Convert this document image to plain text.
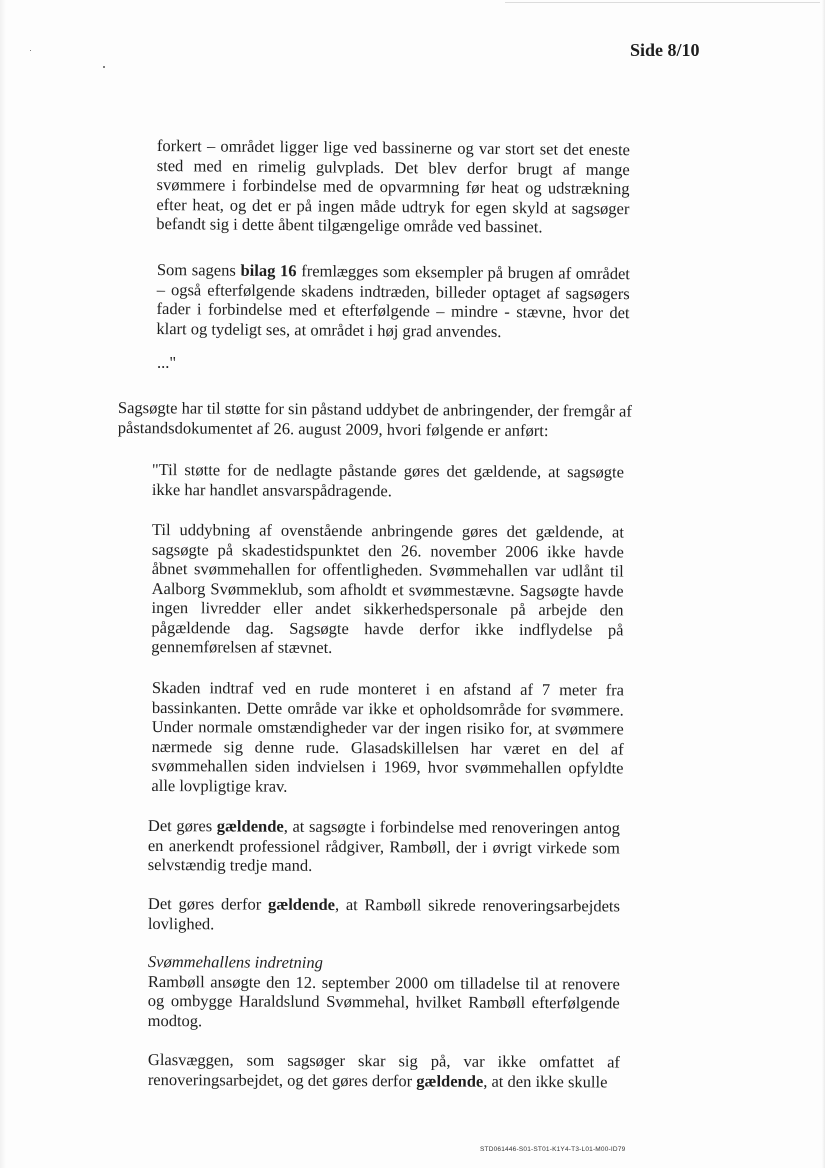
Side 8/10

forkert – området ligger lige ved bassinerne og var stort set det eneste sted med en rimelig gulvplads. Det blev derfor brugt af mange svømmere i forbindelse med de opvarmning før heat og udstrækning efter heat, og det er på ingen måde udtryk for egen skyld at sagsøger befandt sig i dette åbent tilgængelige område ved bassinet.

Som sagens bilag 16 fremlægges som eksempler på brugen af området – også efterfølgende skadens indtræden, billeder optaget af sagsøgers fader i forbindelse med et efterfølgende – mindre - stævne, hvor det klart og tydeligt ses, at området i høj grad anvendes.

..."

Sagsøgte har til støtte for sin påstand uddybet de anbringender, der fremgår af påstandsdokumentet af 26. august 2009, hvori følgende er anført:

"Til støtte for de nedlagte påstande gøres det gældende, at sagsøgte ikke har handlet ansvarspådragende.

Til uddybning af ovenstående anbringende gøres det gældende, at sagsøgte på skadestidspunktet den 26. november 2006 ikke havde åbnet svømmehallen for offentligheden. Svømmehallen var udlånt til Aalborg Svømmeklub, som afholdt et svømmestævne. Sagsøgte havde ingen livredder eller andet sikkerhedspersonale på arbejde den pågældende dag. Sagsøgte havde derfor ikke indflydelse på gennemførelsen af stævnet.

Skaden indtraf ved en rude monteret i en afstand af 7 meter fra bassinkanten. Dette område var ikke et opholdsområde for svømmere. Under normale omstændigheder var der ingen risiko for, at svømmere nærmede sig denne rude. Glasadskillelsen har været en del af svømmehallen siden indvielsen i 1969, hvor svømmehallen opfyldte alle lovpligtige krav.

Det gøres gældende, at sagsøgte i forbindelse med renoveringen antog en anerkendt professionel rådgiver, Rambøll, der i øvrigt virkede som selvstændig tredje mand.

Det gøres derfor gældende, at Rambøll sikrede renoveringsarbejdets lovlighed.

Svømmehallens indretning
Rambøll ansøgte den 12. september 2000 om tilladelse til at renovere og ombygge Haraldslund Svømmehal, hvilket Rambøll efterfølgende modtog.

Glasvæggen, som sagsøger skar sig på, var ikke omfattet af renoveringsarbejdet, og det gøres derfor gældende, at den ikke skulle

STD061446-S01-ST01-K1Y4-T3-L01-M00-ID79
